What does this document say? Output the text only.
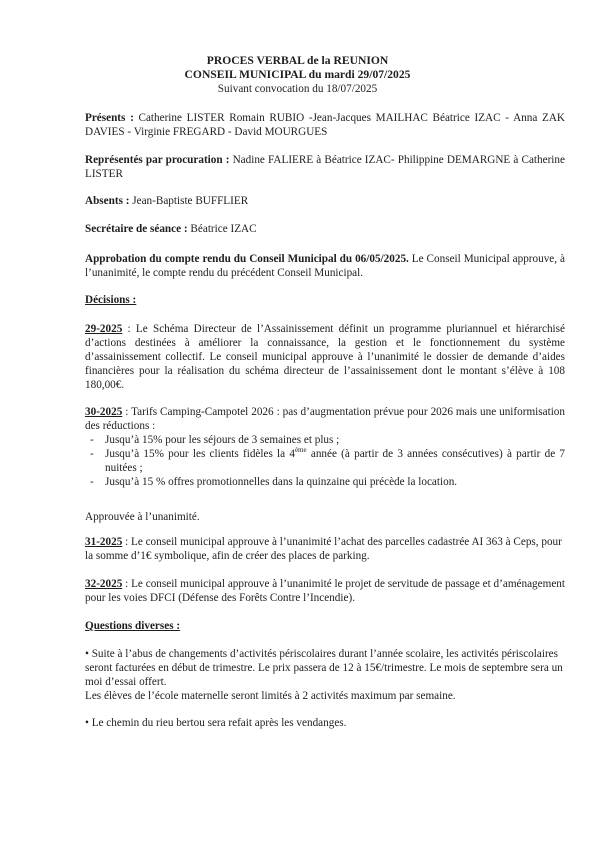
PROCES VERBAL de la REUNION
CONSEIL MUNICIPAL du mardi 29/07/2025
Suivant convocation du 18/07/2025
Présents : Catherine LISTER Romain RUBIO -Jean-Jacques MAILHAC Béatrice IZAC - Anna ZAK DAVIES - Virginie FREGARD - David MOURGUES
Représentés par procuration : Nadine FALIERE à Béatrice IZAC- Philippine DEMARGNE à Catherine LISTER
Absents : Jean-Baptiste BUFFLIER
Secrétaire de séance : Béatrice IZAC
Approbation du compte rendu du Conseil Municipal du 06/05/2025. Le Conseil Municipal approuve, à l’unanimité, le compte rendu du précédent Conseil Municipal.
Décisions :
29-2025 : Le Schéma Directeur de l’Assainissement définit un programme pluriannuel et hiérarchisé d’actions destinées à améliorer la connaissance, la gestion et le fonctionnement du système d’assainissement collectif. Le conseil municipal approuve à l’unanimité le dossier de demande d’aides financières pour la réalisation du schéma directeur de l’assainissement dont le montant s’élève à 108 180,00€.
30-2025 : Tarifs Camping-Campotel 2026 : pas d’augmentation prévue pour 2026 mais une uniformisation des réductions :
- Jusqu’à 15% pour les séjours de 3 semaines et plus ;
- Jusqu’à 15% pour les clients fidèles la 4ème année (à partir de 3 années consécutives) à partir de 7 nuitées ;
- Jusqu’à 15 % offres promotionnelles dans la quinzaine qui précède la location.
Approuvée à l’unanimité.
31-2025 : Le conseil municipal approuve à l’unanimité l’achat des parcelles cadastrée AI 363 à Ceps, pour la somme d’1€ symbolique, afin de créer des places de parking.
32-2025 : Le conseil municipal approuve à l’unanimité le projet de servitude de passage et d’aménagement pour les voies DFCI (Défense des Forêts Contre l’Incendie).
Questions diverses :
• Suite à l’abus de changements d’activités périscolaires durant l’année scolaire, les activités périscolaires seront facturées en début de trimestre. Le prix passera de 12 à 15€/trimestre. Le mois de septembre sera un moi d’essai offert.
Les élèves de l’école maternelle seront limités à 2 activités maximum par semaine.
• Le chemin du rieu bertou sera refait après les vendanges.
